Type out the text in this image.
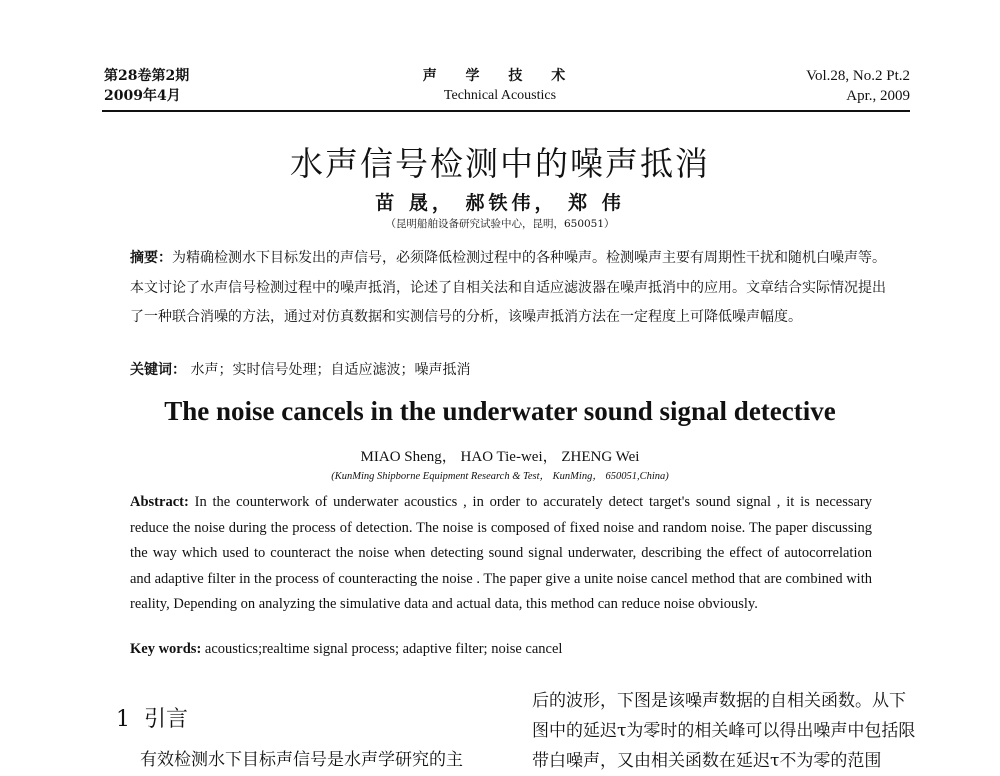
第28卷第2期
2009年4月
声 学 技 术
Technical Acoustics
Vol.28, No.2 Pt.2
Apr., 2009
水声信号检测中的噪声抵消
苗 晟， 郝铁伟， 郑 伟
（昆明船舶设备研究试验中心，昆明，650051）
摘要：为精确检测水下目标发出的声信号，必须降低检测过程中的各种噪声。检测噪声主要有周期性干扰和随机白噪声等。本文讨论了水声信号检测过程中的噪声抵消，论述了自相关法和自适应滤波器在噪声抵消中的应用。文章结合实际情况提出了一种联合消噪的方法，通过对仿真数据和实测信号的分析，该噪声抵消方法在一定程度上可降低噪声幅度。
关键词： 水声；实时信号处理；自适应滤波；噪声抵消
The noise cancels in the underwater sound signal detective
MIAO Sheng， HAO Tie-wei， ZHENG Wei
(KunMing Shipborne Equipment Research & Test， KunMing， 650051,China)
Abstract: In the counterwork of underwater acoustics , in order to accurately detect target's sound signal , it is necessary reduce the noise during the process of detection. The noise is composed of fixed noise and random noise. The paper discussing the way which used to counteract the noise when detecting sound signal underwater, describing the effect of autocorrelation and adaptive filter in the process of counteracting the noise . The paper give a unite noise cancel method that are combined with reality, Depending on analyzing the simulative data and actual data, this method can reduce noise obviously.
Key words: acoustics;realtime signal process; adaptive filter; noise cancel
1 引言
有效检测水下目标声信号是水声学研究的主
后的波形，下图是该噪声数据的自相关函数。从下图中的延迟τ为零时的相关峰可以得出噪声中包括限带白噪声，又由相关函数在延迟τ不为零的范围
